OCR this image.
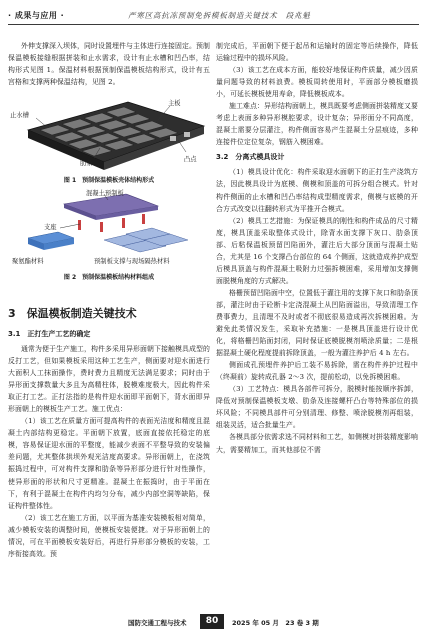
· 成果与应用 ·	严寒区高抗冻预制免拆模板制造关键技术　段兆魁

外伸支撑深入坝体，同时设置埋件与主体进行连接固定。预制保温模板接缝根据拼装和止水需求，设计有止水槽和凹凸率，结构形式见图 1。保温材料根据预制保温模板结构形式，设计有五宫格和支撑两种保温结构，见图 2。

止水槽
主板
肋条
凸点
图 1　预制保温模板壳体结构形式
混凝土预制板
支座
聚氨酯材料	预制板支撑与现场隔热材料
图 2　预制保温模板结构材料组成
3　保温模板制造关键技术
3.1　正打生产工艺的确定

通常为便于生产施工，构件多采用异形面朝下接触模具成型的反打工艺，但如果模板采用这种工艺生产，侧面要对迎水面进行大面积人工抹面操作，费时费力且精度无法满足要求；同时由于异形面支撑数量大多且为高精柱体，脱模难度极大，因此构件采取正打工艺。正打法指的是构件迎水面即平面朝下，背水面即异形面朝上的模板生产工艺。施工优点：

（1）该工艺在质量方面可提高构件的表面光洁度和精度且混凝土内部结构更稳定。平面朝下放置，底面直接依托稳定的底模，容易保证迎水面的平整度，能减少表面不平整导致的安装偏差问题，尤其整体拱坝外观光洁度高要求。异形面朝上，在浇筑振捣过程中，可对构件支撑和肋条等异形部分进行针对性操作，使异形面的形状和尺寸更精准。混凝土在振捣时，由于平面在下，有利于混凝土在构件内均匀分布，减少内部空洞等缺陷，保证构件整体性。

（2）该工艺在施工方面，以平面为基准安装模板相对简单，减少模板安装的调整时间，使模板安装便捷。对于异形面朝上的情况，可在平面模板安装好后，再进行异形部分模板的安装，工序衔接高效。预

制完成后，平面朝下便于起吊和运输时的固定等后续操作，降低运输过程中的损坏风险。

（3）该工艺在成本方面，能较好地保证构件质量，减少因质量问题导致的材料浪费。模板周转使用时，平面部分模板磨损小，可延长模板使用寿命，降低模板成本。

施工难点：异形结构面朝上，模具既要考虑侧面拼装精度又要考虑上表面多种异形模腔要求，设计复杂；异形面分不同高度，混凝土需要分层灌注，构件侧面容易产生混凝土分层痕迹，多种连接件位定位复杂，钢筋入模困难。

3.2　分离式模具设计

（1）模具设计优化：构件采取迎水面朝下的正打生产浇筑方法，因此模具设计为底模、侧模和顶盖的可拆分组合模式。针对构件侧面的止水槽和凹凸率结构成型精度需求，侧模与底模的开合方式改变以往翻转形式为平推开合模式。

（2）模具工艺措施：为保证模具的刚性和构件成品的尺寸精度，模具顶盖采取整体式设计，除背水面支撑下灰口、肋条顶部、后粘保温板预留凹陷面外，灌注后大部分顶面与混凝土贴合，尤其是 16 个支撑凸台部位的 64 个侧面，这就造成养护成型后模具顶盖与构件混凝土吸附力过强拆模困难，采用增加支撑侧面脱模角度的方式解决。

格栅预留凹陷面中空，位置低于灌注用的支撑下灰口和肋条顶部，灌注时由于砼断卡定浇混凝土从凹陷面溢出，导致清理工作费事费力，且清理不及时或者不彻底很易造成再次拆模困难。为避免此类情况发生，采取补充措施：一是模具顶盖进行设计优化，将格栅凹陷面封闭，同时保证底模脱模剂喷涂质量；二是根据混凝土硬化程度提前拆除顶盖，一般为灌注养护后 4 h 左右。

侧面成孔预埋件养护后工装不易拆除，需在构件养护过程中（终凝前）旋转成孔器 2～3 次，提前松动，以免拆模困难。

（3）工艺特点：模具各部件可拆分，脱模时能按顺序拆卸，降低对预制保温模板支墩、肋条及连接螺杆凸台等特殊部位的损坏风险；不同模具部件可分别清理、修整、喷涂脱模剂再组装，组装灵活，适合批量生产。

各模具部分依需求选不同材料和工艺，如侧模对拼装精度影响大，需要精加工，而其他部位不需

国防交通工程与技术	80	2025 年 05 月　23 卷 3 期
